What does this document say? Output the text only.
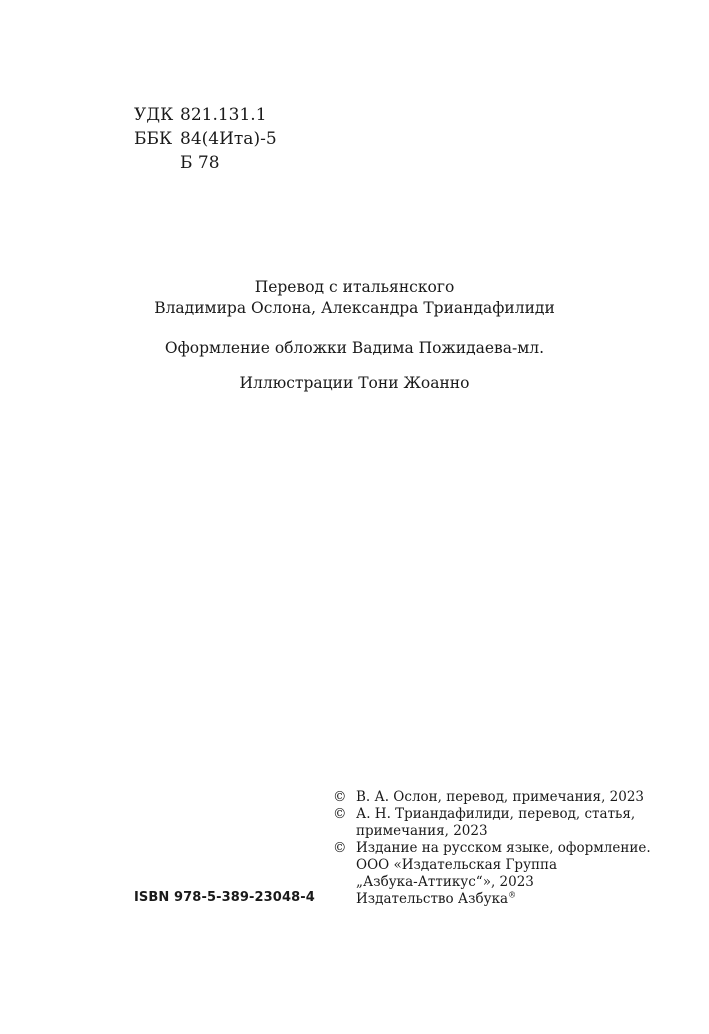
УДК 821.131.1
ББК 84(4Ита)-5
Б 78
Перевод с итальянского
Владимира Ослона, Александра Триандафилиди
Оформление обложки Вадима Пожидаева-мл.
Иллюстрации Тони Жоанно
© В. А. Ослон, перевод, примечания, 2023
© А. Н. Триандафилиди, перевод, статья,
примечания, 2023
© Издание на русском языке, оформление.
ООО «Издательская Группа
„Азбука-Аттикус“», 2023
Издательство Азбука®
ISBN 978-5-389-23048-4
